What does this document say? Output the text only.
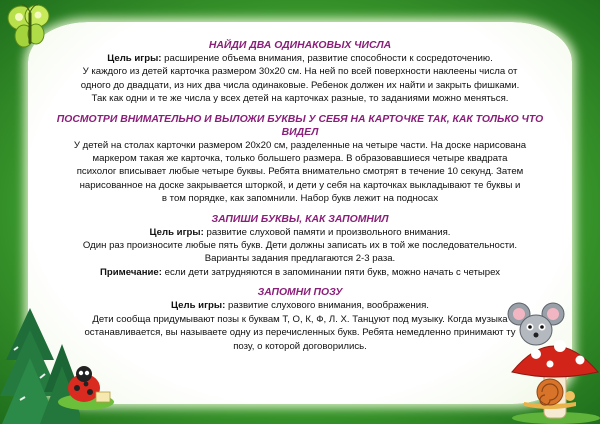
НАЙДИ ДВА ОДИНАКОВЫХ ЧИСЛА
Цель игры: расширение объема внимания, развитие способности к сосредоточению.
У каждого из детей карточка размером 30х20 см. На ней по всей поверхности наклеены числа от
одного до двадцати, из них два числа одинаковые. Ребенок должен их найти и закрыть фишками.
Так как одни и те же числа у всех детей на карточках разные, то заданиями можно меняться.
ПОСМОТРИ ВНИМАТЕЛЬНО И ВЫЛОЖИ БУКВЫ У СЕБЯ НА КАРТОЧКЕ ТАК, КАК ТОЛЬКО ЧТО
ВИДЕЛ
У детей на столах карточки размером 20х20 см, разделенные на четыре части. На доске нарисована
маркером такая же карточка, только большего размера. В образовавшиеся четыре квадрата
психолог вписывает любые четыре буквы. Ребята внимательно смотрят в течение 10 секунд. Затем
нарисованное на доске закрывается шторкой, и дети у себя на карточках выкладывают те буквы и
в том порядке, как запомнили. Набор букв лежит на подносах
ЗАПИШИ БУКВЫ, КАК ЗАПОМНИЛ
Цель игры: развитие слуховой памяти и произвольного внимания.
Один раз произносите любые пять букв. Дети должны записать их в той же последовательности.
Варианты задания предлагаются 2-3 раза.
Примечание: если дети затрудняются в запоминании пяти букв, можно начать с четырех
ЗАПОМНИ ПОЗУ
Цель игры: развитие слухового внимания, воображения.
Дети сообща придумывают позы к буквам Т, О, К, Ф, Л. Х. Танцуют под музыку. Когда музыка
останавливается, вы называете одну из перечисленных букв. Ребята немедленно принимают ту
позу, о которой договорились.
